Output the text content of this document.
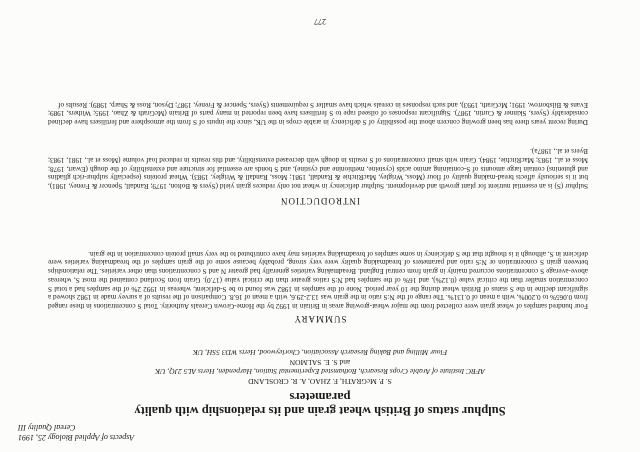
Aspects of Applied Biology 25, 1991
Cereal Quality III
Sulphur status of British wheat grain and its relationship with quality
parameters
S. P. McGRATH, F. ZHAO, A. R. CROSLAND
AFRC Institute of Arable Crops Research, Rothamsted Experimental Station, Harpenden, Herts AL5 2JQ, UK
and S. E. SALMON
Flour Milling and Baking Research Association, Chorleywood, Herts WD3 5SH, UK
SUMMARY
Four hundred samples of wheat grain were collected from the major wheat-growing areas in Britain in 1992 by the Home-Grown Cereals Authority. Total S concentrations in these ranged from 0.065% to 0.200%, with a mean of 0.131%. The range of the N:S ratio in the grain was 13.2-29.6, with a mean of 16.8. Comparison of the results of a survey made in 1982 showed a significant decline in the S status of British wheat during the 10 year period. None of the samples in 1982 was found to be S-deficient, whereas in 1992 2% of the samples had a total S concentration smaller than the critical value (0.12%), and 16% of the samples had N:S ratios greater than the critical value (17.0). Grain from Scotland contained the most S, whereas above-average S concentrations occurred mainly in grain from central England. Breadmaking varieties generally had greater N and S concentrations than other varieties. The relationships between grain S concentration or N:S ratio and parameters of breadmaking quality were very strong, probably because some of the grain samples of the breadmaking varieties were deficient in S, although it is thought that the S deficiency in some samples of breadmaking varieties may have contributed to the very small protein concentration in the grain.
INTRODUCTION
Sulphur (S) is an essential nutrient for plant growth and development. Sulphur deficiency in wheat not only reduces grain yield (Syers & Bolton, 1979; Randall, Spencer & Freney, 1981), but it is seriously affects bread-making quality of flour (Moss, Wrigley, MacRitchie & Randall, 1981; Moss, Randall & Wrigley, 1983). Wheat proteins (especially sulphur-rich gliadins and glutenins) contain large amounts of S-containing amino acids (cysteine, methionine and cystine), and S bonds are essential for structure and extensibility of the dough (Ewart, 1978; Moss et al., 1983; MacRitchie, 1984). Grain with small concentrations of S results in dough with decreased extensibility, and this results in reduced loaf volume (Moss et al., 1981, 1983; Byers et al., 1987a).
During recent years there has been growing concern about the possibility of S deficiency in arable crops in the UK, since the inputs of S from the atmosphere and fertilisers have declined considerably (Syers, Skinner & Curtin, 1987). Significant responses of oilseed rape to S fertilisers have been reported in many parts of Britain (McGrath & Zhao, 1995; Withers, 1989; Evans & Bilsborrow, 1991; McGrath, 1993), and such responses in cereals which have smaller S requirements (Syers, Spencer & Freney, 1987; Dyson, Ross & Sharp, 1989). Results of
277
